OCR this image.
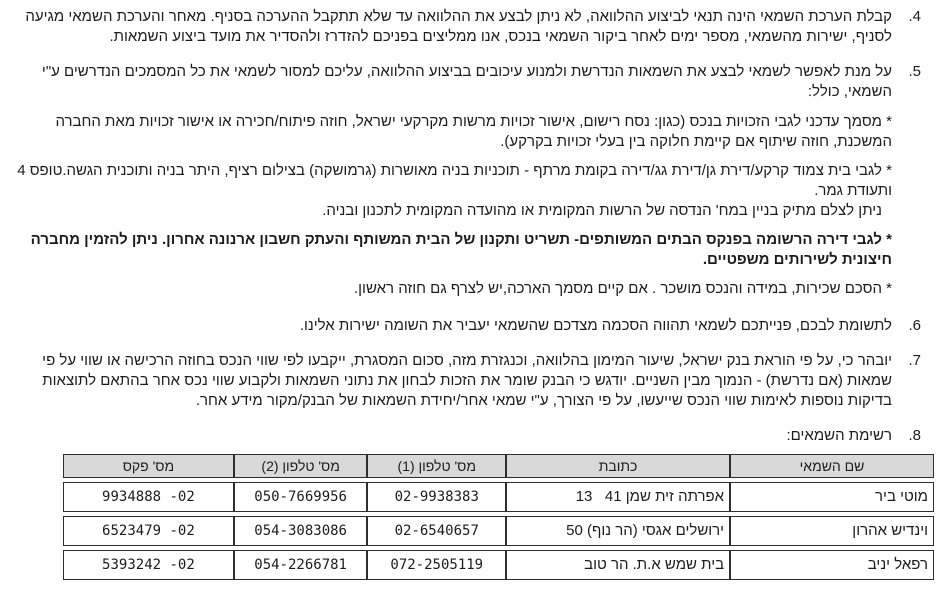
4.
קבלת הערכת השמאי הינה תנאי לביצוע ההלוואה, לא ניתן לבצע את ההלוואה עד שלא תתקבל ההערכה בסניף. מאחר והערכת השמאי מגיעה לסניף, ישירות מהשמאי, מספר ימים לאחר ביקור השמאי בנכס, אנו ממליצים בפניכם להזדרז ולהסדיר את מועד ביצוע השמאות.
5.
על מנת לאפשר לשמאי לבצע את השמאות הנדרשת ולמנוע עיכובים בביצוע ההלוואה, עליכם למסור לשמאי את כל המסמכים הנדרשים ע"י השמאי, כולל:
* מסמך עדכני לגבי הזכויות בנכס (כגון: נסח רישום, אישור זכויות מרשות מקרקעי ישראל, חוזה פיתוח/חכירה או אישור זכויות מאת החברה המשכנת, חוזה שיתוף אם קיימת חלוקה בין בעלי זכויות בקרקע).
* לגבי בית צמוד קרקע/דירת גן/דירת גג/דירה בקומת מרתף - תוכניות בניה מאושרות (גרמושקה) בצילום רציף, היתר בניה ותוכנית הגשה.טופס 4 ותעודת גמר.
ניתן לצלם מתיק בניין במח' הנדסה של הרשות המקומית או מהועדה המקומית לתכנון ובניה.
* לגבי דירה הרשומה בפנקס הבתים המשותפים- תשריט ותקנון של הבית המשותף והעתק חשבון ארנונה אחרון. ניתן להזמין מחברה חיצונית לשירותים משפטיים.
* הסכם שכירות, במידה והנכס מושכר . אם קיים מסמך הארכה,יש לצרף גם חוזה ראשון.
6.
לתשומת לבכם, פנייתכם לשמאי תהווה הסכמה מצדכם שהשמאי יעביר את השומה ישירות אלינו.
7.
יובהר כי, על פי הוראת בנק ישראל, שיעור המימון בהלוואה, וכנגזרת מזה, סכום המסגרת, ייקבעו לפי שווי הנכס בחוזה הרכישה או שווי על פי שמאות (אם נדרשת) - הנמוך מבין השניים. יודגש כי הבנק שומר את הזכות לבחון את נתוני השמאות ולקבוע שווי נכס אחר בהתאם לתוצאות בדיקות נוספות לאימות שווי הנכס שייעשו, על פי הצורך, ע"י שמאי אחר/יחידת השמאות של הבנק/מקור מידע אחר.
8.
רשימת השמאים:
שם השמאי	כתובת	מס' טלפון (1)	מס' טלפון (2)	מס' פקס
מוטי ביר	אפרתה זית שמן 41   13	02-9938383	050-7669956	02- 9934888
וינדיש אהרון	ירושלים אגסי (הר נוף) 50	02-6540657	054-3083086	02- 6523479
רפאל יניב	בית שמש א.ת. הר טוב	072-2505119	054-2266781	02- 5393242
